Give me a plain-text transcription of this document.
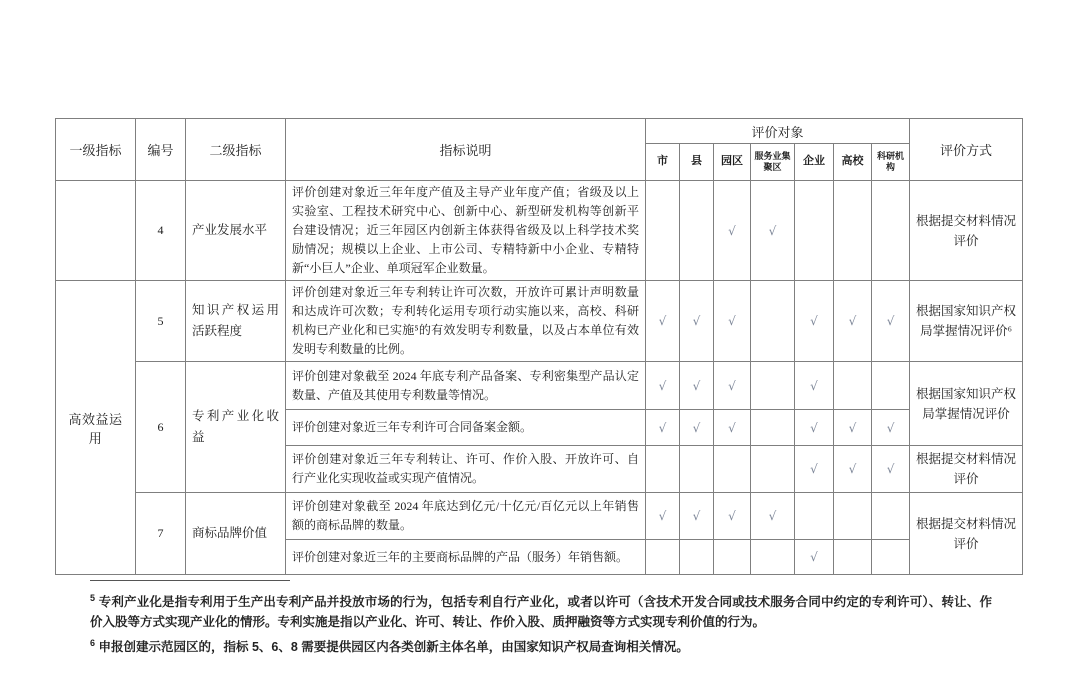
一级指标	编号	二级指标	指标说明	评价对象							评价方式
				市	县	园区	服务业集聚区	企业	高校	科研机构	
	4	产业发展水平	评价创建对象近三年年度产值及主导产业年度产值；省级及以上实验室、工程技术研究中心、创新中心、新型研发机构等创新平台建设情况；近三年园区内创新主体获得省级及以上科学技术奖励情况；规模以上企业、上市公司、专精特新中小企业、专精特新“小巨人”企业、单项冠军企业数量。			√	√				根据提交材料情况评价
高效益运用	5	知识产权运用活跃程度	评价创建对象近三年专利转让许可次数，开放许可累计声明数量和达成许可次数；专利转化运用专项行动实施以来，高校、科研机构已产业化和已实施⁵的有效发明专利数量，以及占本单位有效发明专利数量的比例。	√	√	√		√	√	√	根据国家知识产权局掌握情况评价⁶
	6	专利产业化收益	评价创建对象截至 2024 年底专利产品备案、专利密集型产品认定数量、产值及其使用专利数量等情况。	√	√	√		√			根据国家知识产权局掌握情况评价
			评价创建对象近三年专利许可合同备案金额。	√	√	√		√	√	√	
			评价创建对象近三年专利转让、许可、作价入股、开放许可、自行产业化实现收益或实现产值情况。					√	√	√	根据提交材料情况评价
	7	商标品牌价值	评价创建对象截至 2024 年底达到亿元/十亿元/百亿元以上年销售额的商标品牌的数量。	√	√	√	√				根据提交材料情况评价
			评价创建对象近三年的主要商标品牌的产品（服务）年销售额。					√			

$^5$ 专利产业化是指专利用于生产出专利产品并投放市场的行为，包括专利自行产业化，或者以许可（含技术开发合同或技术服务合同中约定的专利许可）、转让、作价入股等方式实现产业化的情形。专利实施是指以产业化、许可、转让、作价入股、质押融资等方式实现专利价值的行为。

$^6$ 申报创建示范园区的，指标 5、6、8 需要提供园区内各类创新主体名单，由国家知识产权局查询相关情况。
